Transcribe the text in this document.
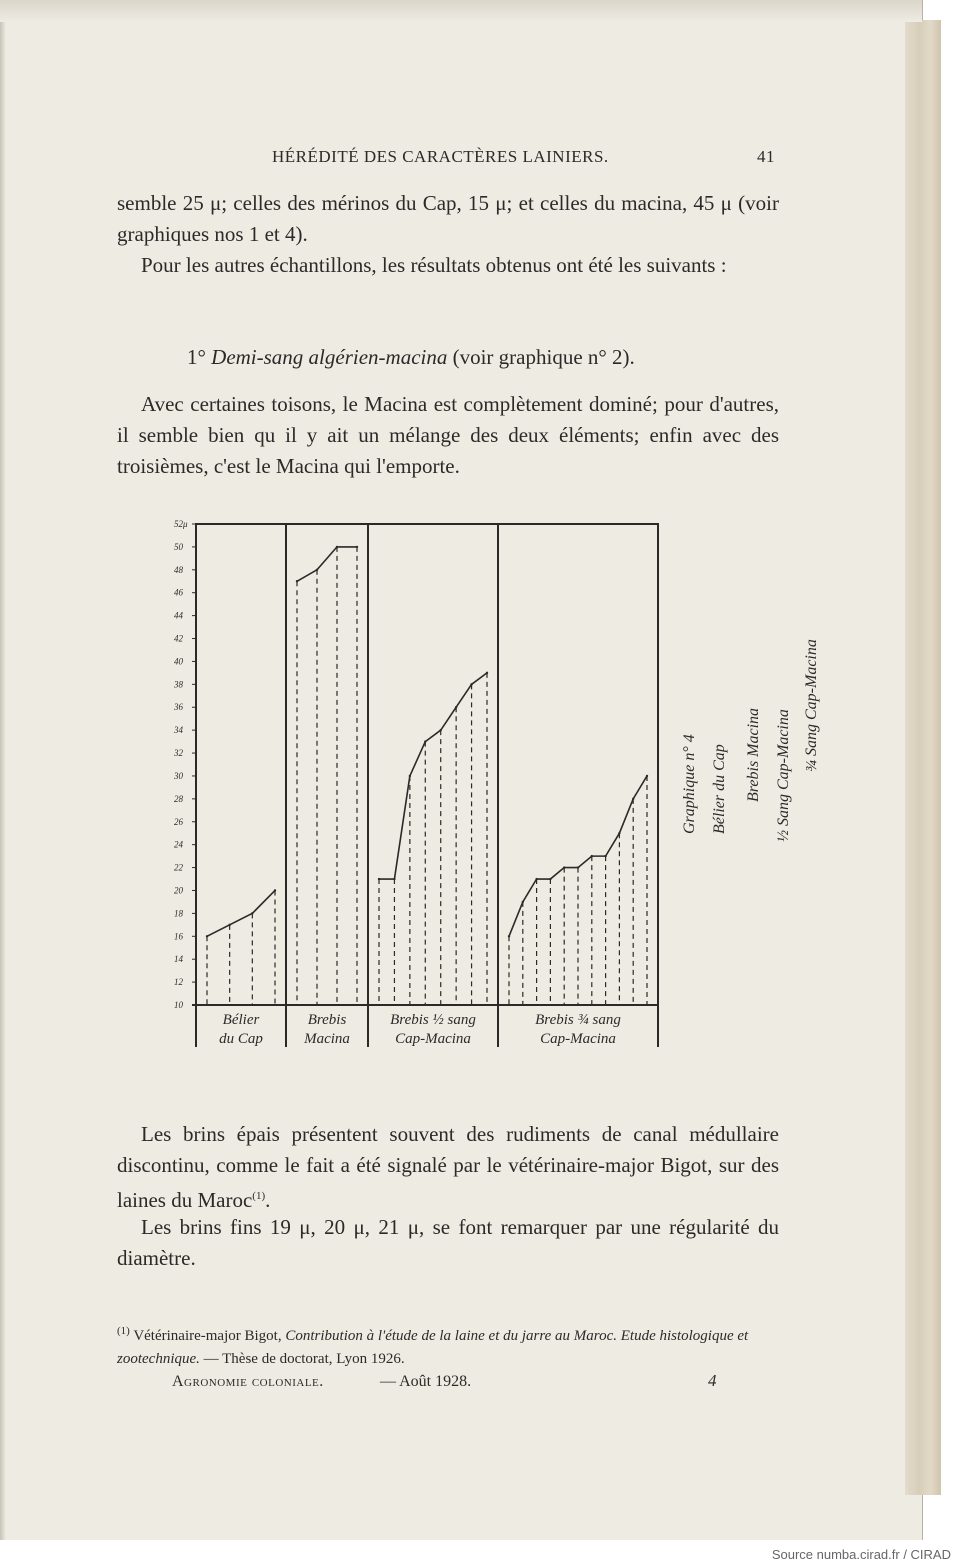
HÉRÉDITÉ DES CARACTÈRES LAINIERS.	41

semble 25 μ; celles des mérinos du Cap, 15 μ; et celles du macina, 45 μ (voir graphiques nos 1 et 4).

Pour les autres échantillons, les résultats obtenus ont été les suivants :

1° Demi-sang algérien-macina (voir graphique n° 2).

Avec certaines toisons, le Macina est complètement dominé; pour d'autres, il semble bien qu il y ait un mélange des deux éléments; enfin avec des troisièmes, c'est le Macina qui l'emporte.

10
12
14
16
18
20
22
24
26
28
30
32
34
36
38
40
42
44
46
48
50
52μ
Bélier
du Cap
Brebis
Macina
Brebis ½ sang
Cap-Macina
Brebis ¾ sang
Cap-Macina
Graphique n° 4 Bélier du Cap Brebis Macina ½ Sang Cap-Macina
¾ Sang Cap-Macina

Les brins épais présentent souvent des rudiments de canal médullaire discontinu, comme le fait a été signalé par le vétérinaire-major Bigot, sur des laines du Maroc$^{(1)}$.

Les brins fins 19 μ, 20 μ, 21 μ, se font remarquer par une régularité du diamètre.

$^{(1)}$ Vétérinaire-major Bigot, Contribution à l'étude de la laine et du jarre au Maroc. Etude histologique et zootechnique. — Thèse de doctorat, Lyon 1926.

Agronomie coloniale.	— Août 1928.	4
Source numba.cirad.fr / CIRAD
